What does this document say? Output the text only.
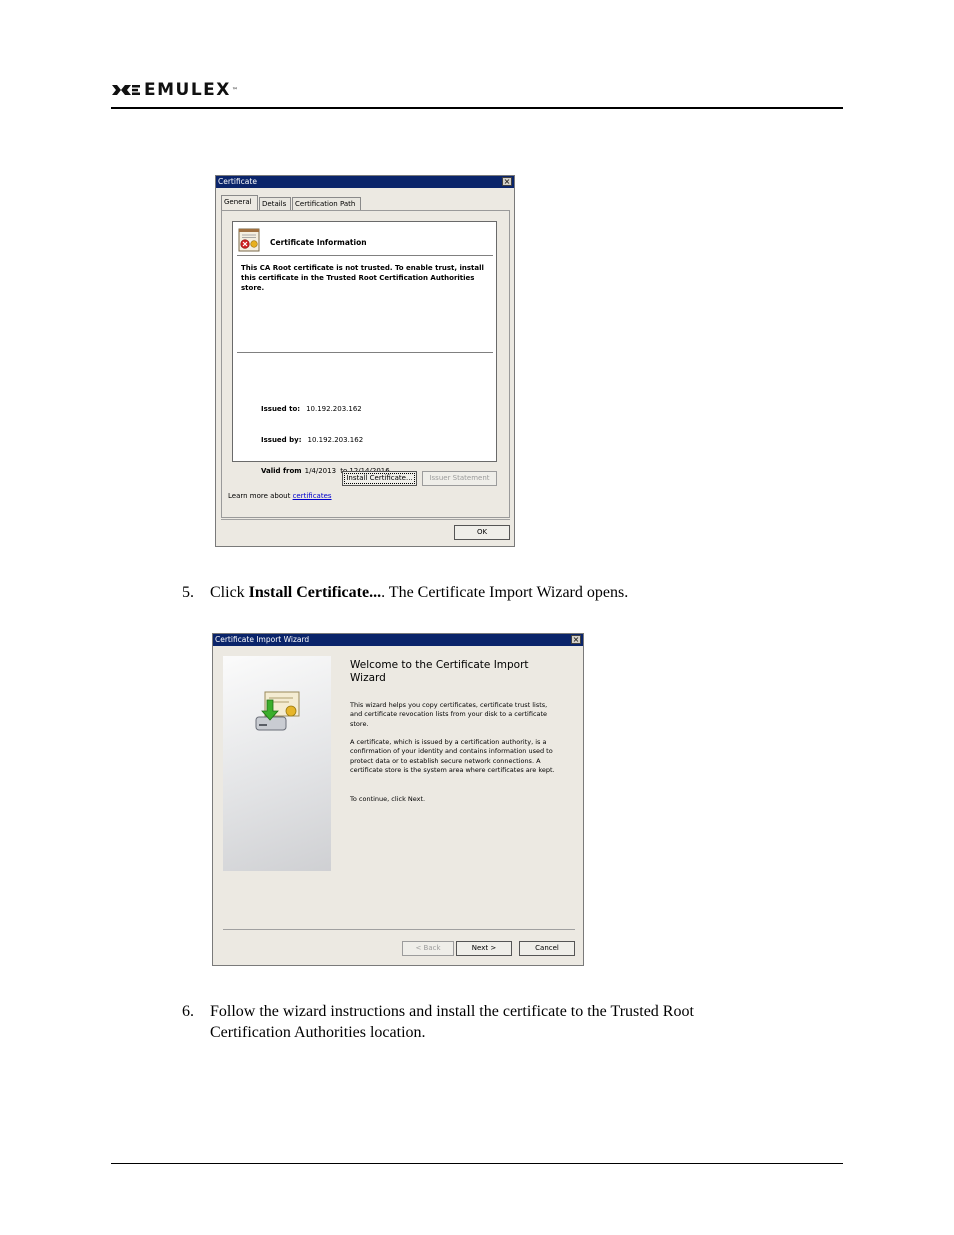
EMULEX ™
Certificate	×
General	Details	Certification Path
Certificate Information
This CA Root certificate is not trusted. To enable trust, install this certificate in the Trusted Root Certification Authorities store.
Issued to: 10.192.203.162
Issued by: 10.192.203.162
Valid from 1/4/2013
Install Certificate...	Issuer Statement
Learn more about certificates
OK
5. Click Install Certificate.... The Certificate Import Wizard opens.
Certificate Import Wizard	×
Welcome to the Certificate Import Wizard
This wizard helps you copy certificates, certificate trust lists, and certificate revocation lists from your disk to a certificate store.
A certificate, which is issued by a certification authority, is a confirmation of your identity and contains information used to protect data or to establish secure network connections. A certificate store is the system area where certificates are kept.
To continue, click Next.
< Back	Next >	Cancel
6. Follow the wizard instructions and install the certificate to the Trusted Root
Certification Authorities location.
